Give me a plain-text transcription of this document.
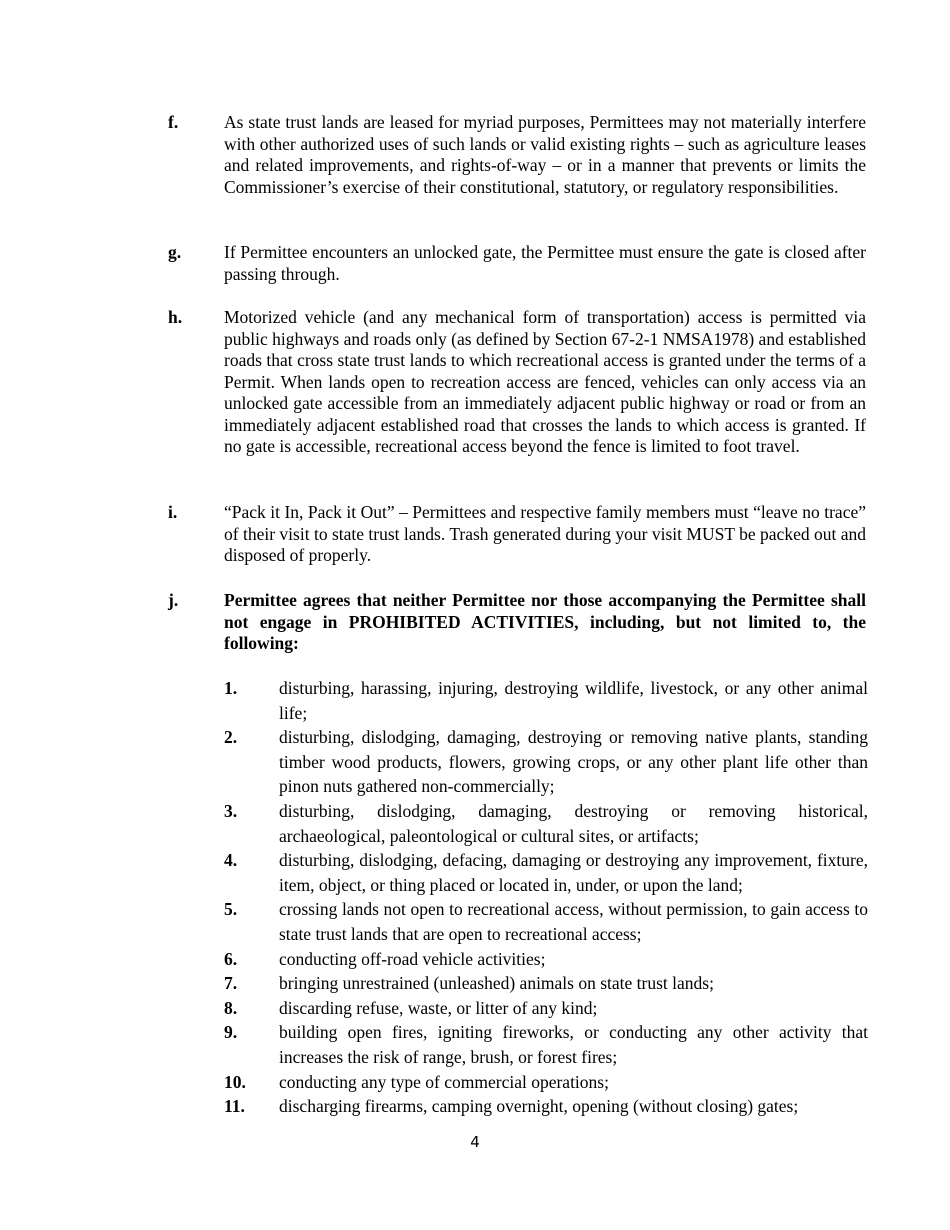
f.	As state trust lands are leased for myriad purposes, Permittees may not materially interfere with other authorized uses of such lands or valid existing rights – such as agriculture leases and related improvements, and rights-of-way – or in a manner that prevents or limits the Commissioner’s exercise of their constitutional, statutory, or regulatory responsibilities.
g. If Permittee encounters an unlocked gate, the Permittee must ensure the gate is closed after passing through.
h. Motorized vehicle (and any mechanical form of transportation) access is permitted via public highways and roads only (as defined by Section 67-2-1 NMSA1978) and established roads that cross state trust lands to which recreational access is granted under the terms of a Permit. When lands open to recreation access are fenced, vehicles can only access via an unlocked gate accessible from an immediately adjacent public highway or road or from an immediately adjacent established road that crosses the lands to which access is granted. If no gate is accessible, recreational access beyond the fence is limited to foot travel.
i.	“Pack it In, Pack it Out” – Permittees and respective family members must “leave no trace” of their visit to state trust lands. Trash generated during your visit MUST be packed out and disposed of properly.
j.	Permittee agrees that neither Permittee nor those accompanying the Permittee shall not engage in PROHIBITED ACTIVITIES, including, but not limited to, the following:
1. disturbing, harassing, injuring, destroying wildlife, livestock, or any other animal life;
2. disturbing, dislodging, damaging, destroying or removing native plants, standing timber wood products, flowers, growing crops, or any other plant life other than pinon nuts gathered non-commercially;
3. disturbing, dislodging, damaging, destroying or removing historical, archaeological, paleontological or cultural sites, or artifacts;
4. disturbing, dislodging, defacing, damaging or destroying any improvement, fixture, item, object, or thing placed or located in, under, or upon the land;
5. crossing lands not open to recreational access, without permission, to gain access to state trust lands that are open to recreational access;
6. conducting off-road vehicle activities;
7. bringing unrestrained (unleashed) animals on state trust lands;
8. discarding refuse, waste, or litter of any kind;
9. building open fires, igniting fireworks, or conducting any other activity that increases the risk of range, brush, or forest fires;
10. conducting any type of commercial operations;
11. discharging firearms, camping overnight, opening (without closing) gates;
4
